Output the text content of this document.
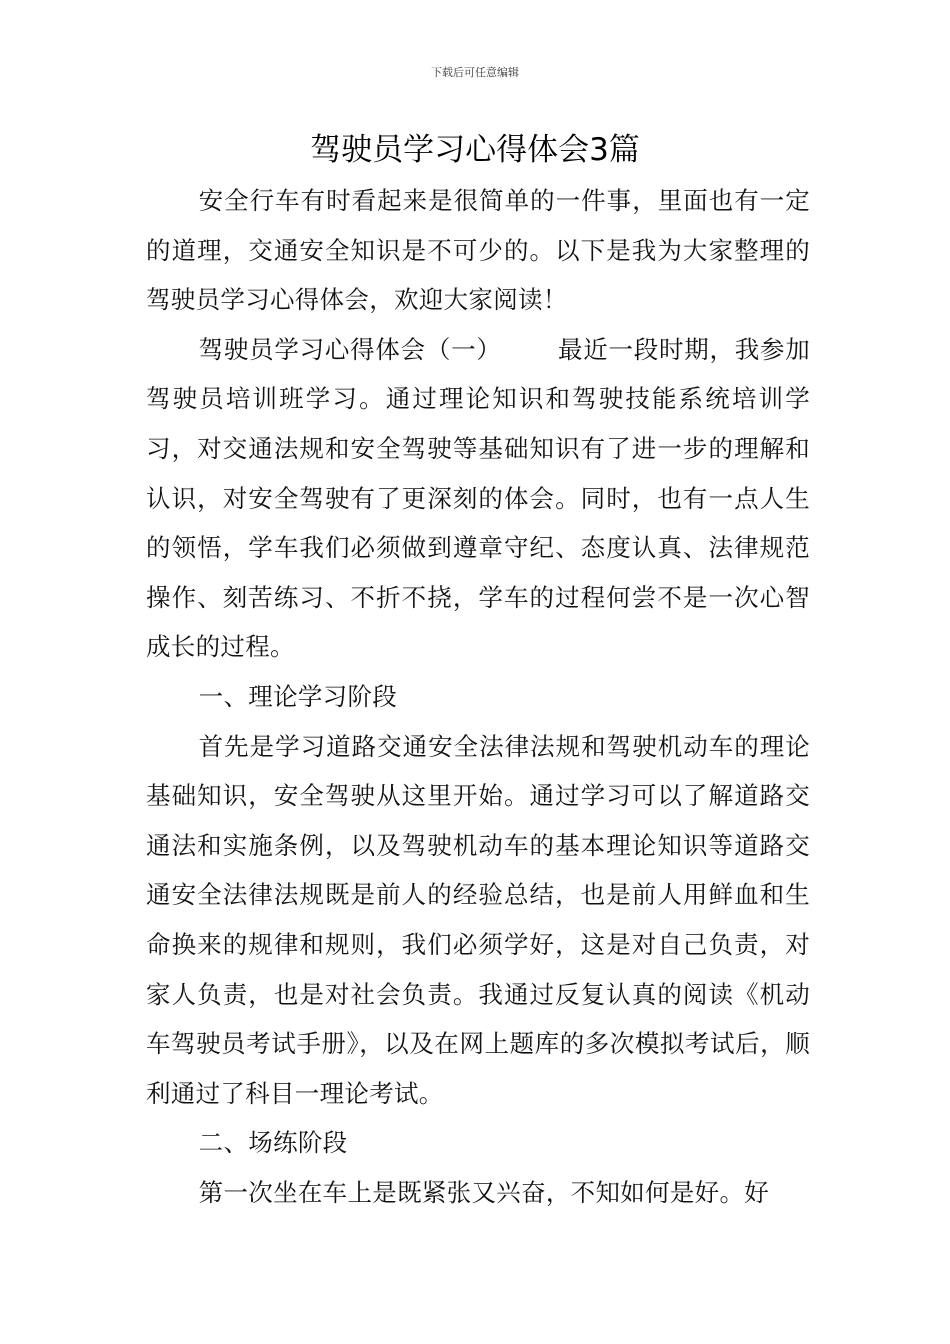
下载后可任意编辑
驾驶员学习心得体会3篇

安全行车有时看起来是很简单的一件事，里面也有一定的道理，交通安全知识是不可少的。以下是我为大家整理的驾驶员学习心得体会，欢迎大家阅读！

驾驶员学习心得体会（一） 最近一段时期，我参加驾驶员培训班学习。通过理论知识和驾驶技能系统培训学习，对交通法规和安全驾驶等基础知识有了进一步的理解和认识，对安全驾驶有了更深刻的体会。同时，也有一点人生的领悟，学车我们必须做到遵章守纪、态度认真、法律规范操作、刻苦练习、不折不挠，学车的过程何尝不是一次心智成长的过程。

一、理论学习阶段

首先是学习道路交通安全法律法规和驾驶机动车的理论基础知识，安全驾驶从这里开始。通过学习可以了解道路交通法和实施条例，以及驾驶机动车的基本理论知识等道路交通安全法律法规既是前人的经验总结，也是前人用鲜血和生命换来的规律和规则，我们必须学好，这是对自己负责，对家人负责，也是对社会负责。我通过反复认真的阅读《机动车驾驶员考试手册》，以及在网上题库的多次模拟考试后，顺利通过了科目一理论考试。

二、场练阶段

第一次坐在车上是既紧张又兴奋，不知如何是好。好
